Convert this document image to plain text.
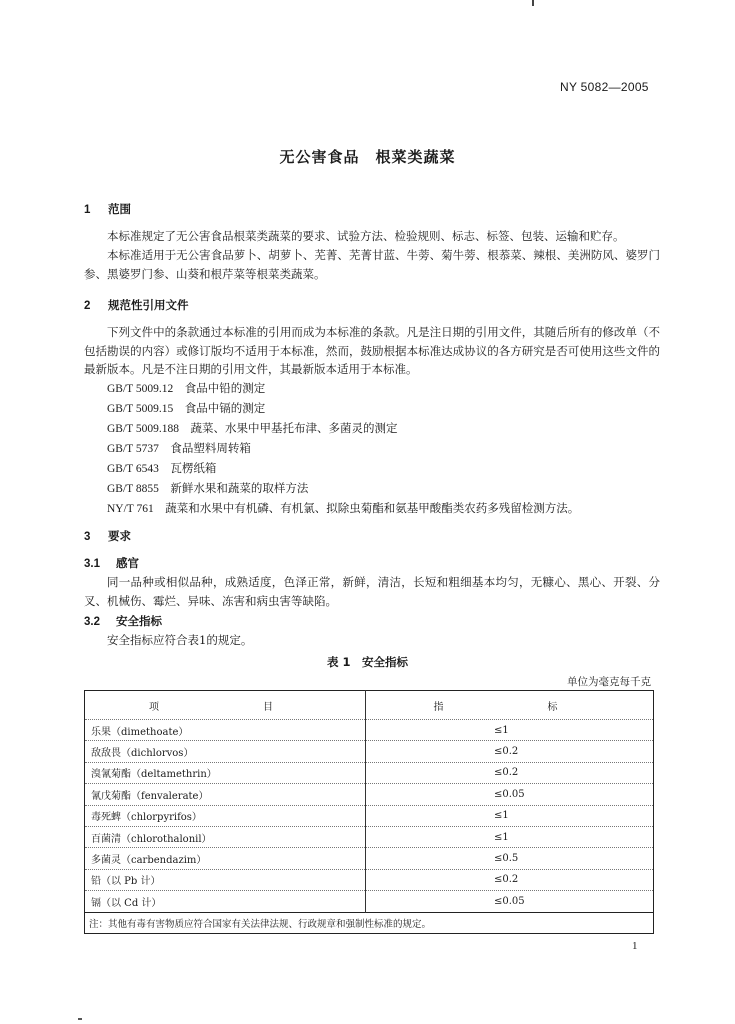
NY 5082—2005
无公害食品　根菜类蔬菜
1 范围
本标准规定了无公害食品根菜类蔬菜的要求、试验方法、检验规则、标志、标签、包装、运输和贮存。
本标准适用于无公害食品萝卜、胡萝卜、芜菁、芜菁甘蓝、牛蒡、菊牛蒡、根菾菜、辣根、美洲防风、婆罗门参、黑婆罗门参、山葵和根芹菜等根菜类蔬菜。
2 规范性引用文件
下列文件中的条款通过本标准的引用而成为本标准的条款。凡是注日期的引用文件，其随后所有的修改单（不包括勘误的内容）或修订版均不适用于本标准，然而，鼓励根据本标准达成协议的各方研究是否可使用这些文件的最新版本。凡是不注日期的引用文件，其最新版本适用于本标准。
GB/T 5009.12　 食品中铅的测定
GB/T 5009.15　 食品中镉的测定
GB/T 5009.188　 蔬菜、水果中甲基托布津、多菌灵的测定
GB/T 5737　 食品塑料周转箱
GB/T 6543　 瓦楞纸箱
GB/T 8855　 新鲜水果和蔬菜的取样方法
NY/T 761　 蔬菜和水果中有机磷、有机氯、拟除虫菊酯和氨基甲酸酯类农药多残留检测方法。
3 要求
3.1 感官
同一品种或相似品种，成熟适度，色泽正常，新鲜，清洁，长短和粗细基本均匀，无糠心、黑心、开裂、分叉、机械伤、霉烂、异味、冻害和病虫害等缺陷。
3.2 安全指标
安全指标应符合表1的规定。
表 1　安全指标
单位为毫克每千克
项　　目	指　　标
乐果（dimethoate）	≤1
敌敌畏（dichlorvos）	≤0.2
溴氰菊酯（deltamethrin）	≤0.2
氰戊菊酯（fenvalerate）	≤0.05
毒死蜱（chlorpyrifos）	≤1
百菌清（chlorothalonil）	≤1
多菌灵（carbendazim）	≤0.5
铅（以 Pb 计）	≤0.2
镉（以 Cd 计）	≤0.05
注：其他有毒有害物质应符合国家有关法律法规、行政规章和强制性标准的规定。	
1
